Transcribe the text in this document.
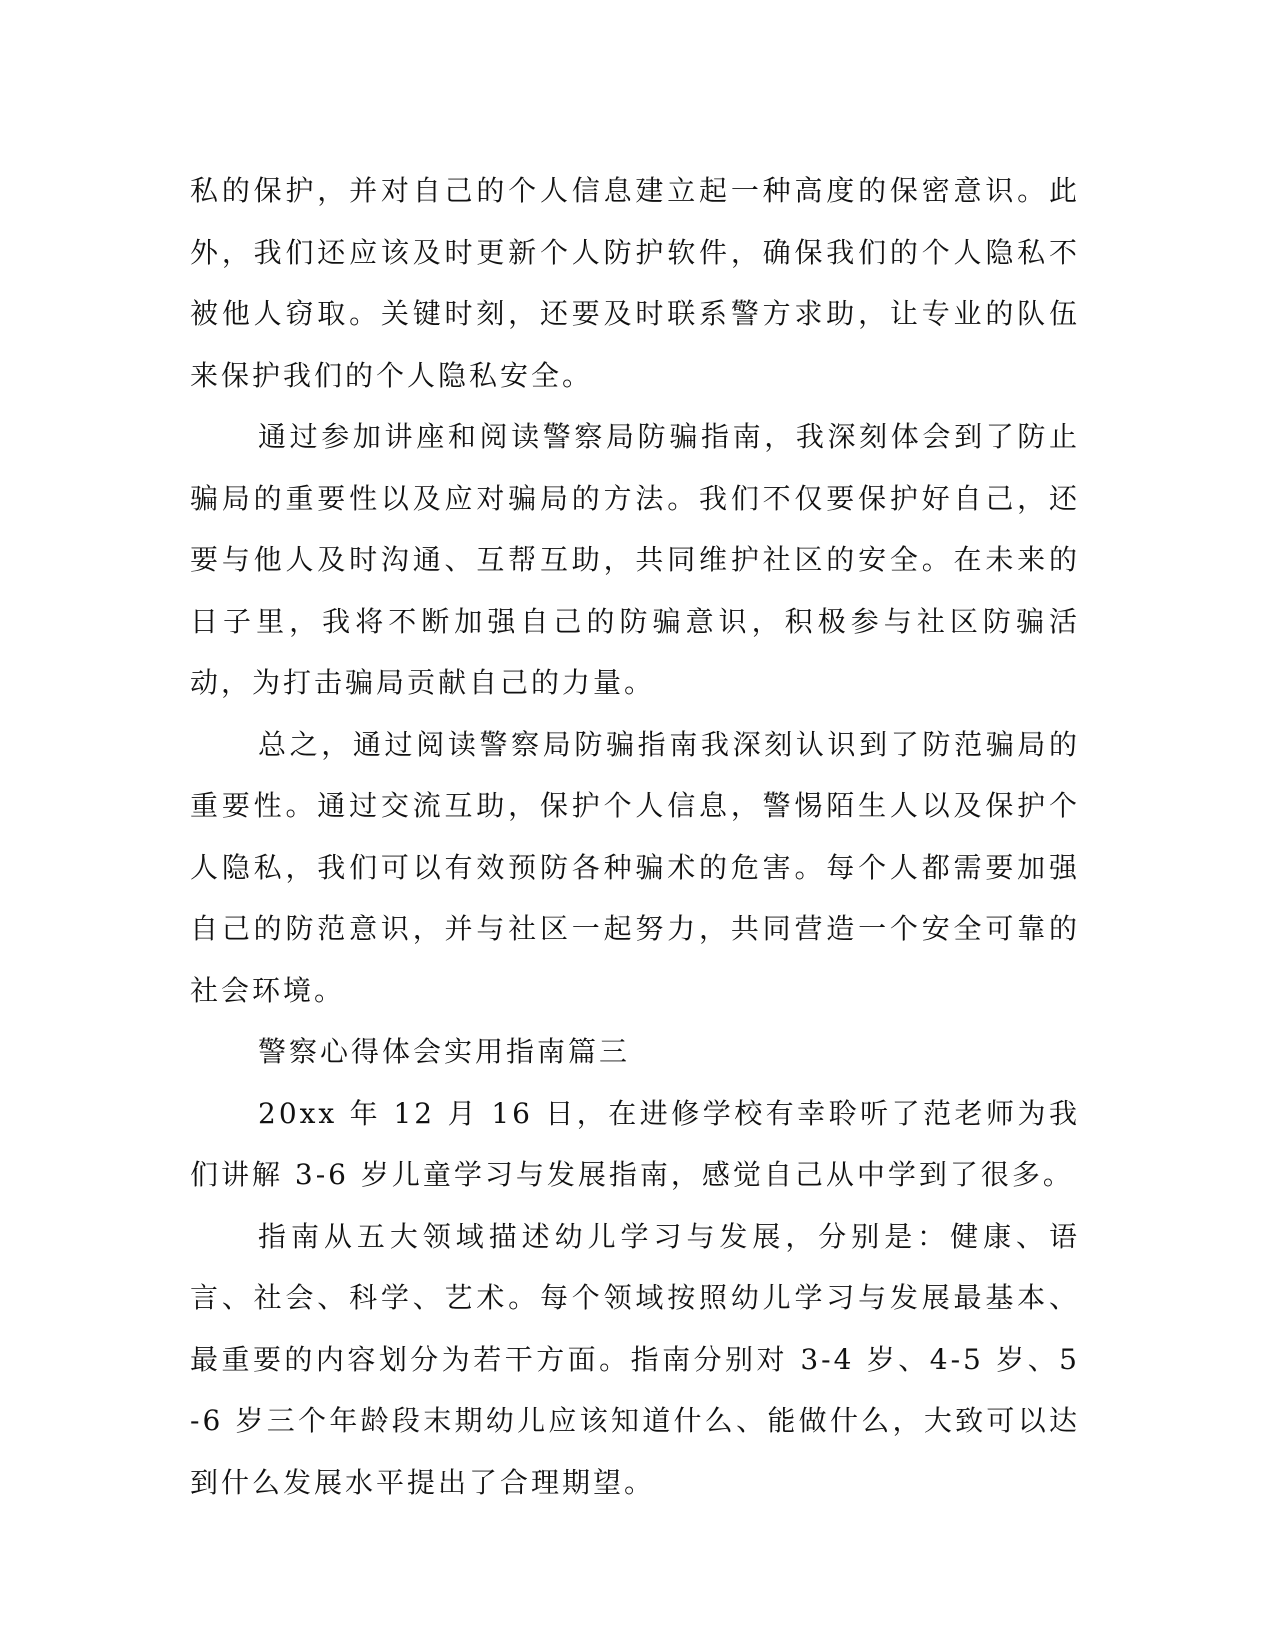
私的保护，并对自己的个人信息建立起一种高度的保密意识。此外，我们还应该及时更新个人防护软件，确保我们的个人隐私不被他人窃取。关键时刻，还要及时联系警方求助，让专业的队伍来保护我们的个人隐私安全。

通过参加讲座和阅读警察局防骗指南，我深刻体会到了防止骗局的重要性以及应对骗局的方法。我们不仅要保护好自己，还要与他人及时沟通、互帮互助，共同维护社区的安全。在未来的日子里，我将不断加强自己的防骗意识，积极参与社区防骗活动，为打击骗局贡献自己的力量。

总之，通过阅读警察局防骗指南我深刻认识到了防范骗局的重要性。通过交流互助，保护个人信息，警惕陌生人以及保护个人隐私，我们可以有效预防各种骗术的危害。每个人都需要加强自己的防范意识，并与社区一起努力，共同营造一个安全可靠的社会环境。

警察心得体会实用指南篇三

20xx 年 12 月 16 日，在进修学校有幸聆听了范老师为我们讲解 3-6 岁儿童学习与发展指南，感觉自己从中学到了很多。

指南从五大领域描述幼儿学习与发展，分别是：健康、语言、社会、科学、艺术。每个领域按照幼儿学习与发展最基本、最重要的内容划分为若干方面。指南分别对 3-4 岁、4-5 岁、5-6 岁三个年龄段末期幼儿应该知道什么、能做什么，大致可以达到什么发展水平提出了合理期望。
